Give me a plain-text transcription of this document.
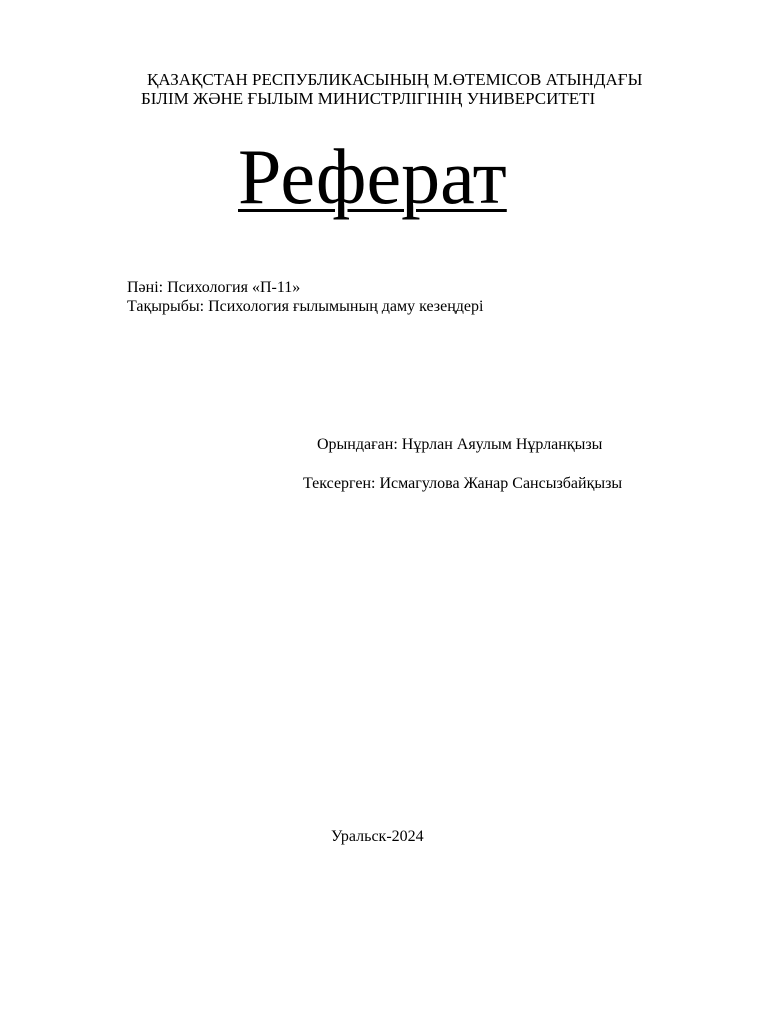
ҚАЗАҚСТАН РЕСПУБЛИКАСЫНЫҢ М.ӨТЕМІСОВ АТЫНДАҒЫ
БІЛІМ ЖӘНЕ ҒЫЛЫМ МИНИСТРЛІГІНІҢ УНИВЕРСИТЕТІ
Реферат
Пәні: Психология «П-11»
Тақырыбы: Психология ғылымының даму кезеңдері
Орындаған: Нұрлан Аяулым Нұрланқызы
Тексерген: Исмагулова Жанар Сансызбайқызы
Уральск-2024
